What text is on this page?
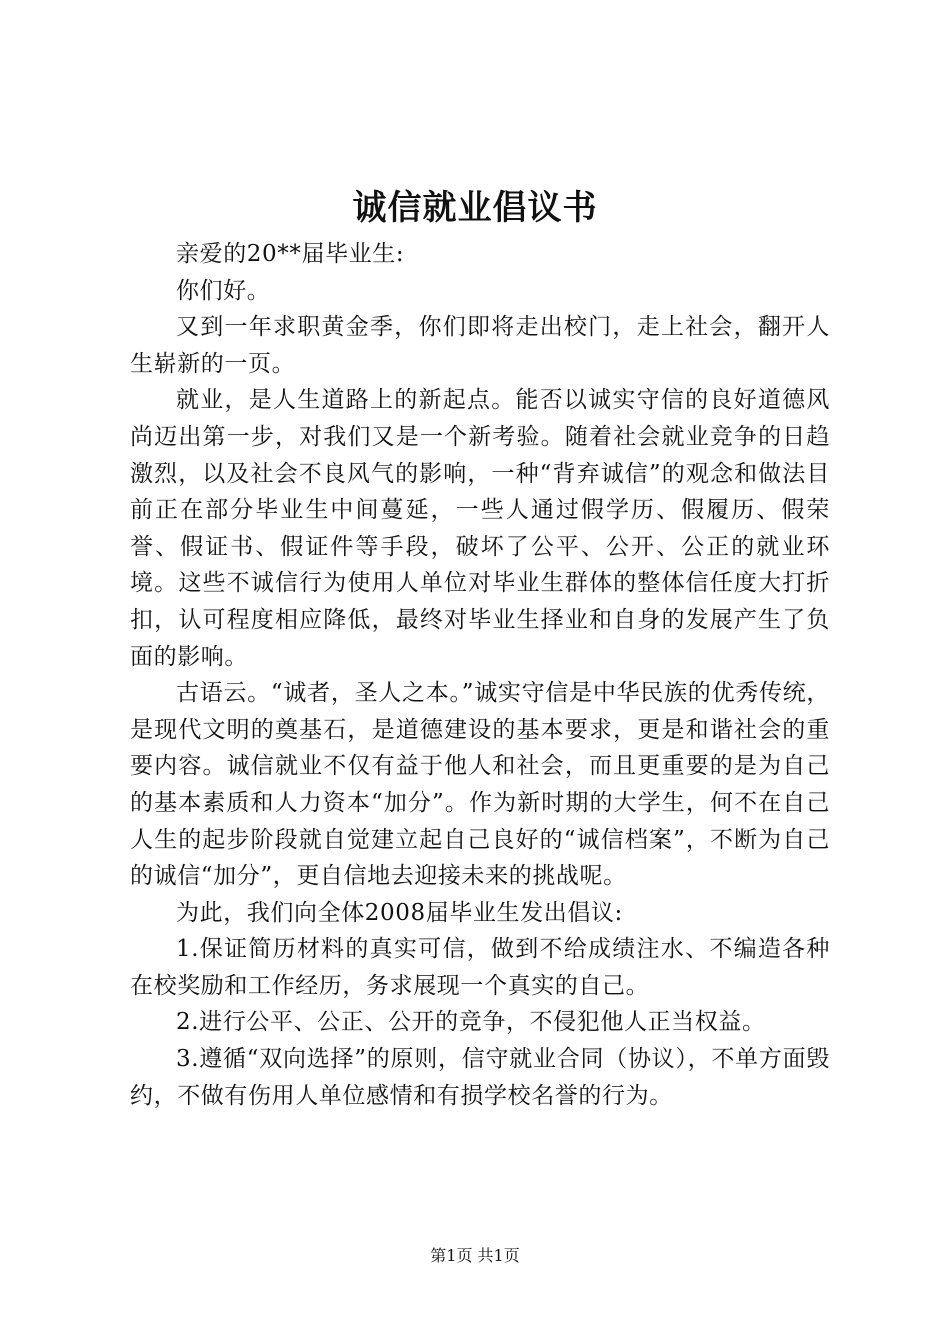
诚信就业倡议书

亲爱的20**届毕业生:

你们好。

又到一年求职黄金季，你们即将走出校门，走上社会，翻开人生崭新的一页。

就业，是人生道路上的新起点。能否以诚实守信的良好道德风尚迈出第一步，对我们又是一个新考验。随着社会就业竞争的日趋激烈，以及社会不良风气的影响，一种“背弃诚信”的观念和做法目前正在部分毕业生中间蔓延，一些人通过假学历、假履历、假荣誉、假证书、假证件等手段，破坏了公平、公开、公正的就业环境。这些不诚信行为使用人单位对毕业生群体的整体信任度大打折扣，认可程度相应降低，最终对毕业生择业和自身的发展产生了负面的影响。

古语云。“诚者，圣人之本。”诚实守信是中华民族的优秀传统，是现代文明的奠基石，是道德建设的基本要求，更是和谐社会的重要内容。诚信就业不仅有益于他人和社会，而且更重要的是为自己的基本素质和人力资本“加分”。作为新时期的大学生，何不在自己人生的起步阶段就自觉建立起自己良好的“诚信档案”，不断为自己的诚信“加分”，更自信地去迎接未来的挑战呢。

为此，我们向全体2008届毕业生发出倡议:

1.保证简历材料的真实可信，做到不给成绩注水、不编造各种在校奖励和工作经历，务求展现一个真实的自己。

2.进行公平、公正、公开的竞争，不侵犯他人正当权益。

3.遵循“双向选择”的原则，信守就业合同（协议），不单方面毁约，不做有伤用人单位感情和有损学校名誉的行为。

第1页 共1页
